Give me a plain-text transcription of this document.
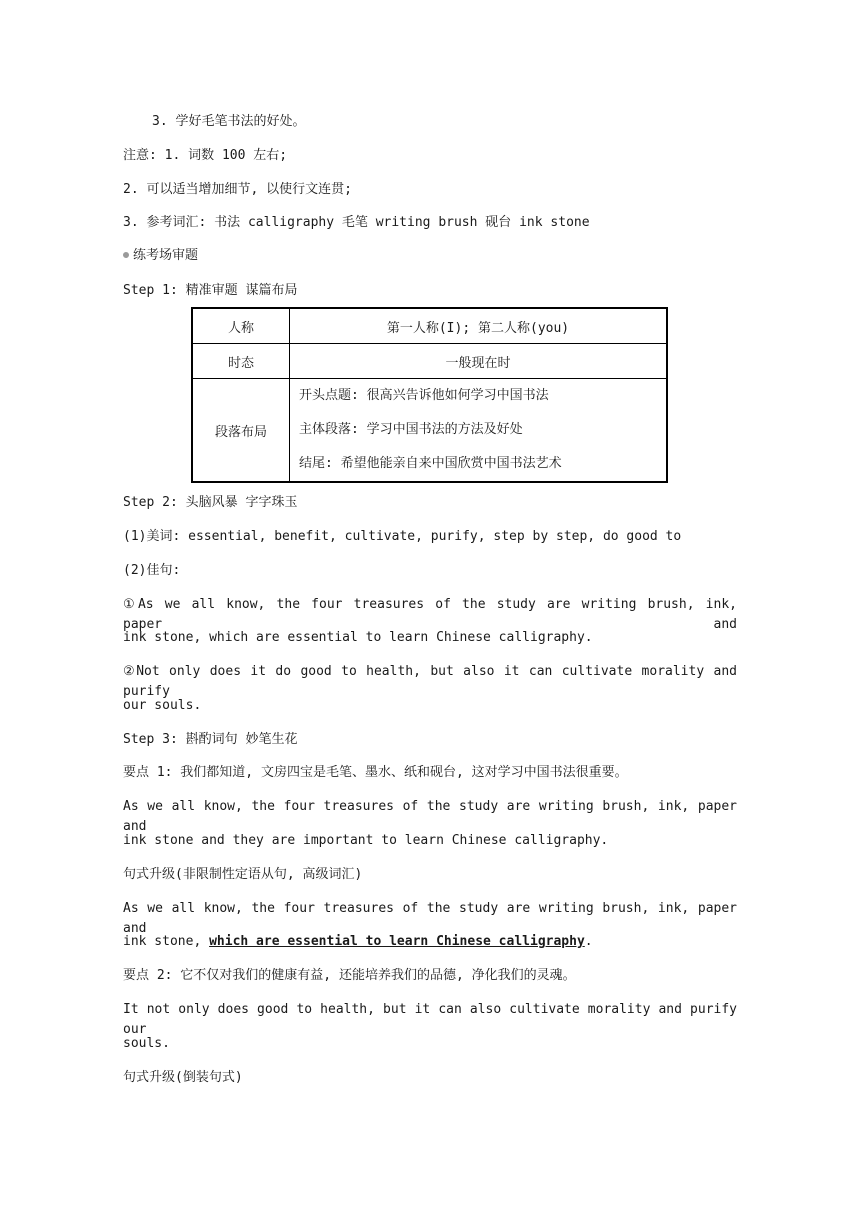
3. 学好毛笔书法的好处。
注意: 1. 词数 100 左右;
2. 可以适当增加细节, 以使行文连贯;
3. 参考词汇: 书法 calligraphy 毛笔 writing brush 砚台 ink stone
练考场审题
Step 1: 精准审题 谋篇布局
人称	第一人称(I); 第二人称(you)
时态	一般现在时
段落布局	开头点题: 很高兴告诉他如何学习中国书法
主体段落: 学习中国书法的方法及好处
结尾: 希望他能亲自来中国欣赏中国书法艺术
Step 2: 头脑风暴 字字珠玉
(1)美词: essential, benefit, cultivate, purify, step by step, do good to
(2)佳句:
①As we all know, the four treasures of the study are writing brush, ink, paper and
ink stone, which are essential to learn Chinese calligraphy.
②Not only does it do good to health, but also it can cultivate morality and purify
our souls.
Step 3: 斟酌词句 妙笔生花
要点 1: 我们都知道, 文房四宝是毛笔、墨水、纸和砚台, 这对学习中国书法很重要。
As we all know, the four treasures of the study are writing brush, ink, paper and
ink stone and they are important to learn Chinese calligraphy.
句式升级(非限制性定语从句, 高级词汇)
As we all know, the four treasures of the study are writing brush, ink, paper and
ink stone, which are essential to learn Chinese calligraphy.
要点 2: 它不仅对我们的健康有益, 还能培养我们的品德, 净化我们的灵魂。
It not only does good to health, but it can also cultivate morality and purify our
souls.
句式升级(倒装句式)
